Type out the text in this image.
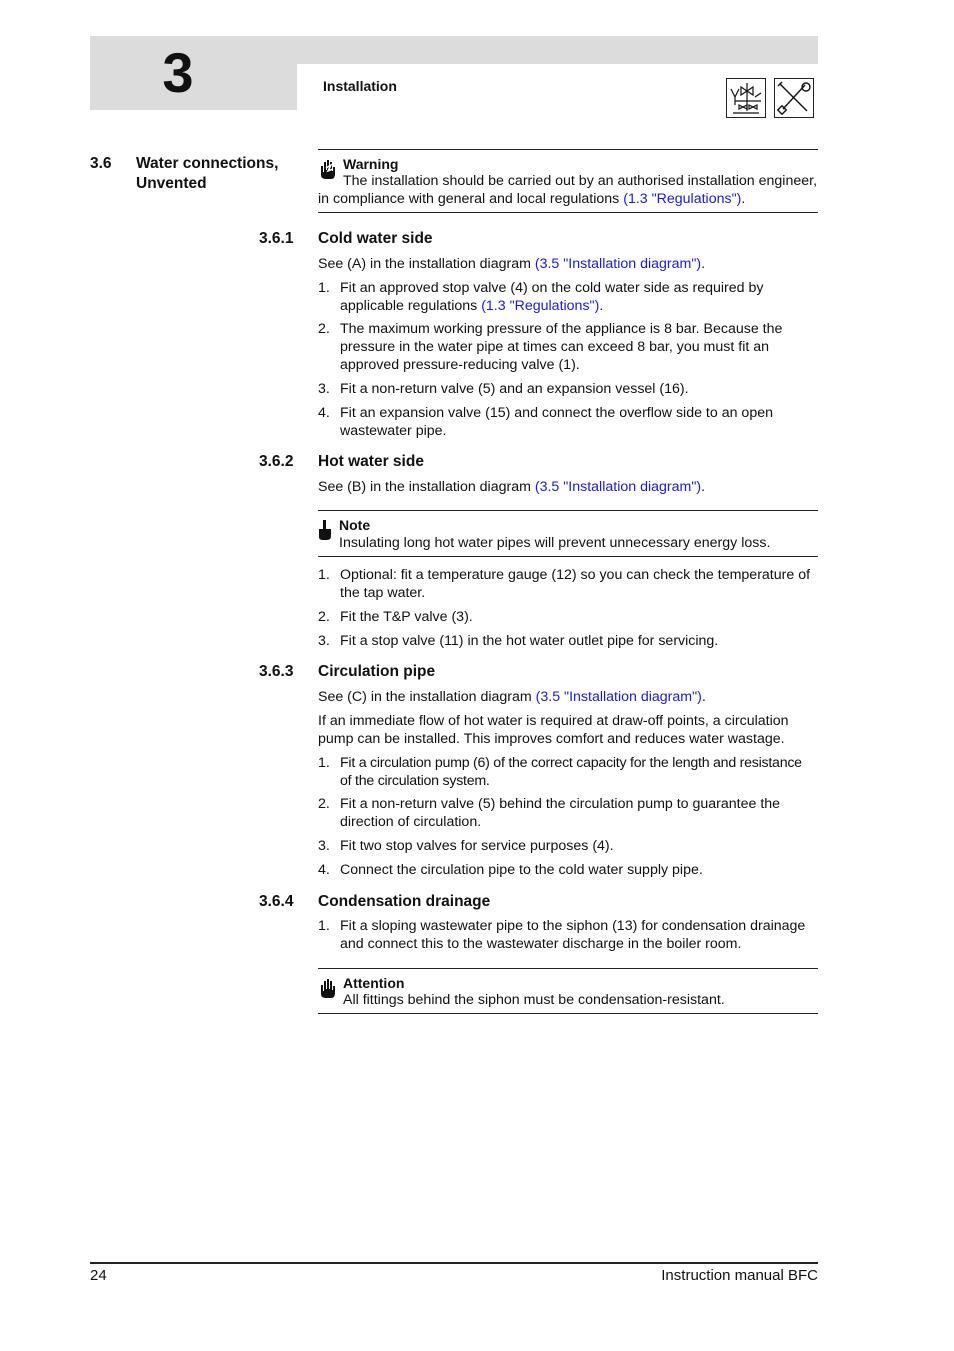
3	Installation
3.6 Water connections,
Unvented
Warning
The installation should be carried out by an authorised installation engineer,
in compliance with general and local regulations (1.3 "Regulations").
3.6.1 Cold water side
See (A) in the installation diagram (3.5 "Installation diagram").
1. Fit an approved stop valve (4) on the cold water side as required by
applicable regulations (1.3 "Regulations").
2. The maximum working pressure of the appliance is 8 bar. Because the
pressure in the water pipe at times can exceed 8 bar, you must fit an
approved pressure-reducing valve (1).
3. Fit a non-return valve (5) and an expansion vessel (16).
4. Fit an expansion valve (15) and connect the overflow side to an open
wastewater pipe.
3.6.2 Hot water side
See (B) in the installation diagram (3.5 "Installation diagram").
Note
Insulating long hot water pipes will prevent unnecessary energy loss.
1. Optional: fit a temperature gauge (12) so you can check the temperature of
the tap water.
2. Fit the T&P valve (3).
3. Fit a stop valve (11) in the hot water outlet pipe for servicing.
3.6.3 Circulation pipe
See (C) in the installation diagram (3.5 "Installation diagram").
If an immediate flow of hot water is required at draw-off points, a circulation
pump can be installed. This improves comfort and reduces water wastage.
1. Fit a circulation pump (6) of the correct capacity for the length and resistance
of the circulation system.
2. Fit a non-return valve (5) behind the circulation pump to guarantee the
direction of circulation.
3. Fit two stop valves for service purposes (4).
4. Connect the circulation pipe to the cold water supply pipe.
3.6.4 Condensation drainage
1. Fit a sloping wastewater pipe to the siphon (13) for condensation drainage
and connect this to the wastewater discharge in the boiler room.
Attention
All fittings behind the siphon must be condensation-resistant.
24	Instruction manual BFC
